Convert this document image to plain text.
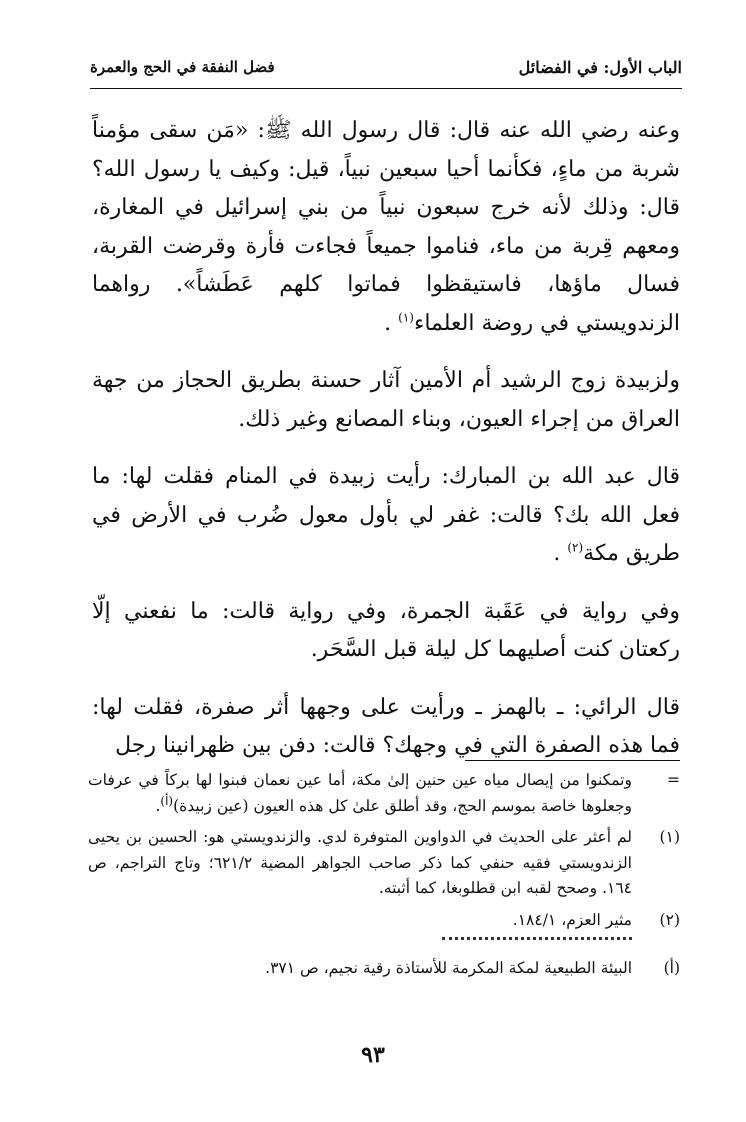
الباب الأول: في الفضائل
فضل النفقة في الحج والعمرة

وعنه رضي الله عنه قال: قال رسول الله ﷺ: «مَن سقى مؤمناً شربة من ماءٍ، فكأنما أحيا سبعين نبياً، قيل: وكيف يا رسول الله؟ قال: وذلك لأنه خرج سبعون نبياً من بني إسرائيل في المغارة، ومعهم قِربة من ماء، فناموا جميعاً فجاءت فأرة وقرضت القربة، فسال ماؤها، فاستيقظوا فماتوا كلهم عَطَشاً». رواهما الزندويستي في روضة العلماء$^{(١)}$ .

ولزبيدة زوج الرشيد أم الأمين آثار حسنة بطريق الحجاز من جهة العراق من إجراء العيون، وبناء المصانع وغير ذلك.

قال عبد الله بن المبارك: رأيت زبيدة في المنام فقلت لها: ما فعل الله بك؟ قالت: غفر لي بأول معول ضُرب في الأرض في طريق مكة$^{(٢)}$ .

وفي رواية في عَقَبة الجمرة، وفي رواية قالت: ما نفعني إلّا ركعتان كنت أصليهما كل ليلة قبل السَّحَر.

قال الرائي: ـ بالهمز ـ ورأيت على وجهها أثر صفرة، فقلت لها: فما هذه الصفرة التي في وجهك؟ قالت: دفن بين ظهرانينا رجل

=
وتمكنوا من إيصال مياه عين حنين إلىٰ مكة، أما عين نعمان فبنوا لها بركاً في عرفات وجعلوها خاصة بموسم الحج، وقد أطلق علىٰ كل هذه العيون (عين زبيدة)$^{(أ)}$.

(١)
لم أعثر على الحديث في الدواوين المتوفرة لدي. والزندويستي هو: الحسين بن يحيى الزندويستي فقيه حنفي كما ذكر صاحب الجواهر المضية ٦٢١/٢؛ وتاج التراجم، ص ١٦٤. وصحح لقبه ابن قطلوبغا، كما أثبته.

(٢)
مثير العزم، ١٨٤/١.

(أ)
البيئة الطبيعية لمكة المكرمة للأستاذة رقية نجيم، ص ٣٧١.

٩٣
